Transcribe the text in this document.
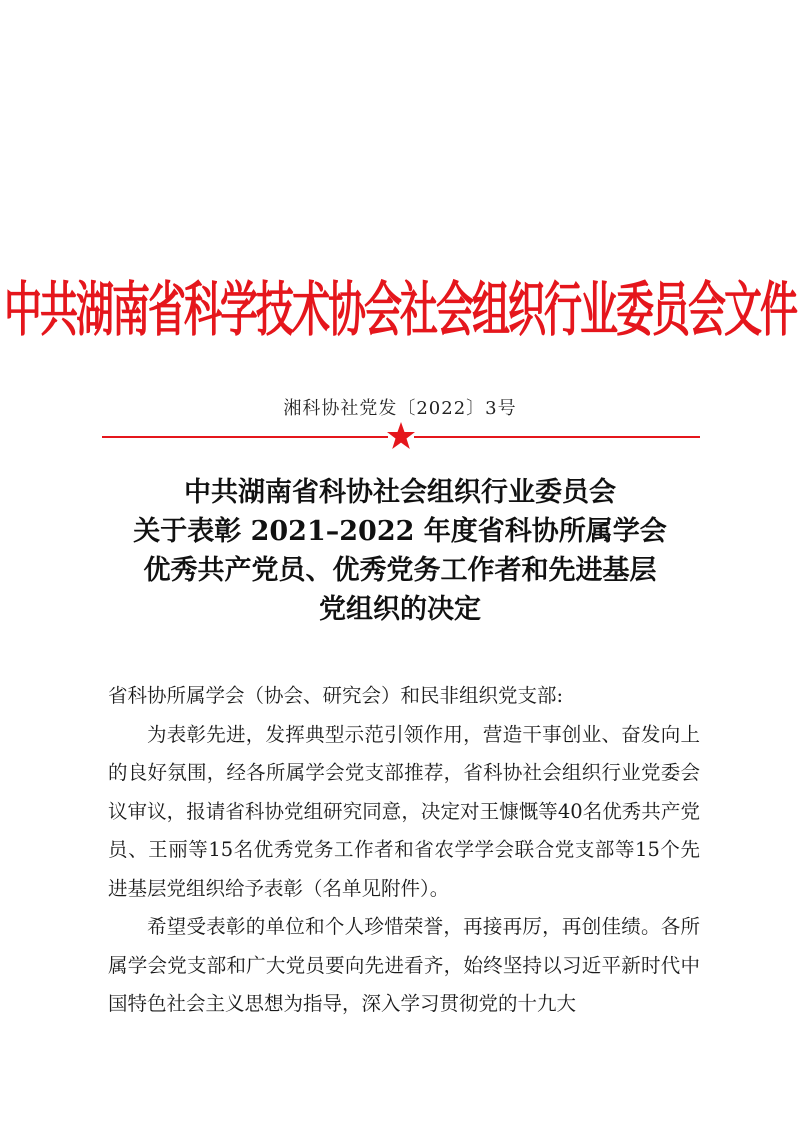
中共湖南省科学技术协会社会组织行业委员会文件
湘科协社党发〔2022〕3号
中共湖南省科协社会组织行业委员会
关于表彰 2021–2022 年度省科协所属学会
优秀共产党员、优秀党务工作者和先进基层
党组织的决定
省科协所属学会（协会、研究会）和民非组织党支部:

为表彰先进，发挥典型示范引领作用，营造干事创业、奋发向上的良好氛围，经各所属学会党支部推荐，省科协社会组织行业党委会议审议，报请省科协党组研究同意，决定对王慷慨等40名优秀共产党员、王丽等15名优秀党务工作者和省农学学会联合党支部等15个先进基层党组织给予表彰（名单见附件）。

希望受表彰的单位和个人珍惜荣誉，再接再厉，再创佳绩。各所属学会党支部和广大党员要向先进看齐，始终坚持以习近平新时代中国特色社会主义思想为指导，深入学习贯彻党的十九大
